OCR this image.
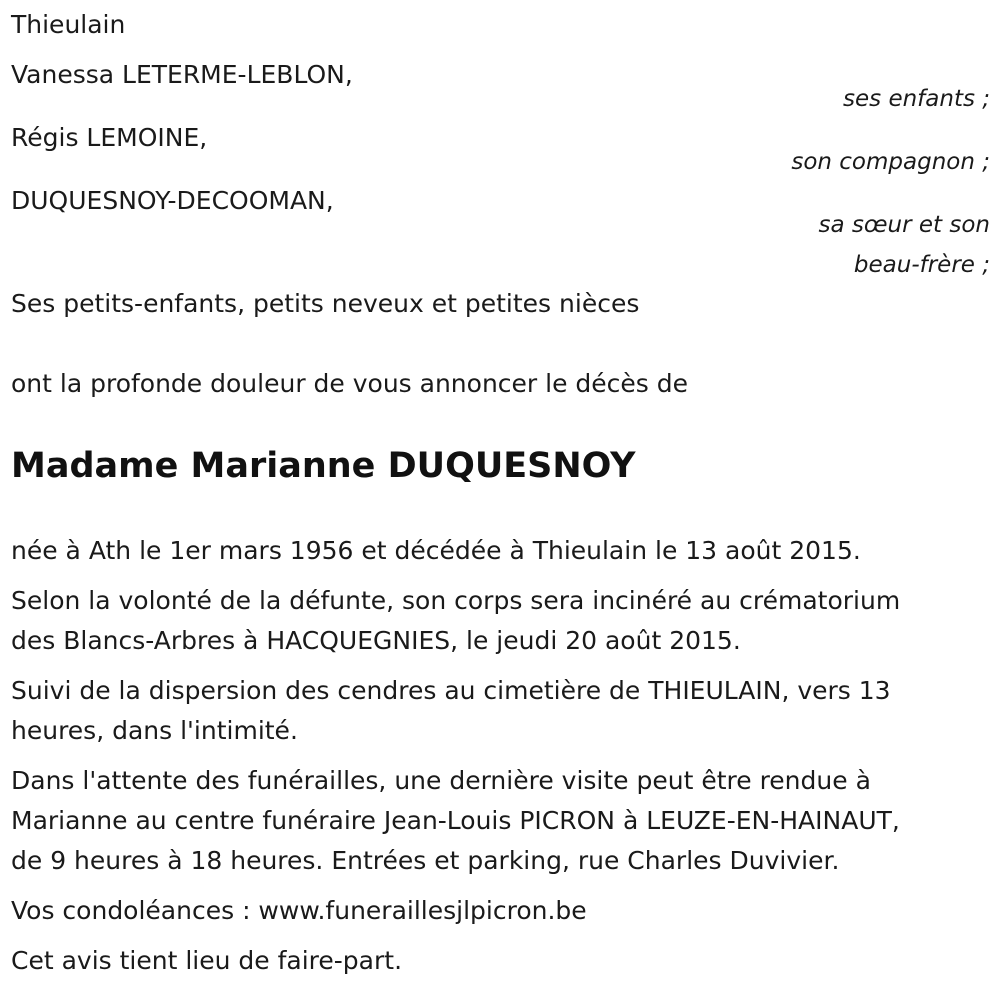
Thieulain
Vanessa LETERME-LEBLON,
ses enfants ;
Régis LEMOINE,
son compagnon ;
DUQUESNOY-DECOOMAN,
sa sœur et son
beau-frère ;
Ses petits-enfants, petits neveux et petites nièces
ont la profonde douleur de vous annoncer le décès de
Madame Marianne DUQUESNOY
née à Ath le 1er mars 1956 et décédée à Thieulain le 13 août 2015.
Selon la volonté de la défunte, son corps sera incinéré au crématorium
des Blancs-Arbres à HACQUEGNIES, le jeudi 20 août 2015.
Suivi de la dispersion des cendres au cimetière de THIEULAIN, vers 13
heures, dans l'intimité.
Dans l'attente des funérailles, une dernière visite peut être rendue à
Marianne au centre funéraire Jean-Louis PICRON à LEUZE-EN-HAINAUT,
de 9 heures à 18 heures. Entrées et parking, rue Charles Duvivier.
Vos condoléances : www.funeraillesjlpicron.be
Cet avis tient lieu de faire-part.
